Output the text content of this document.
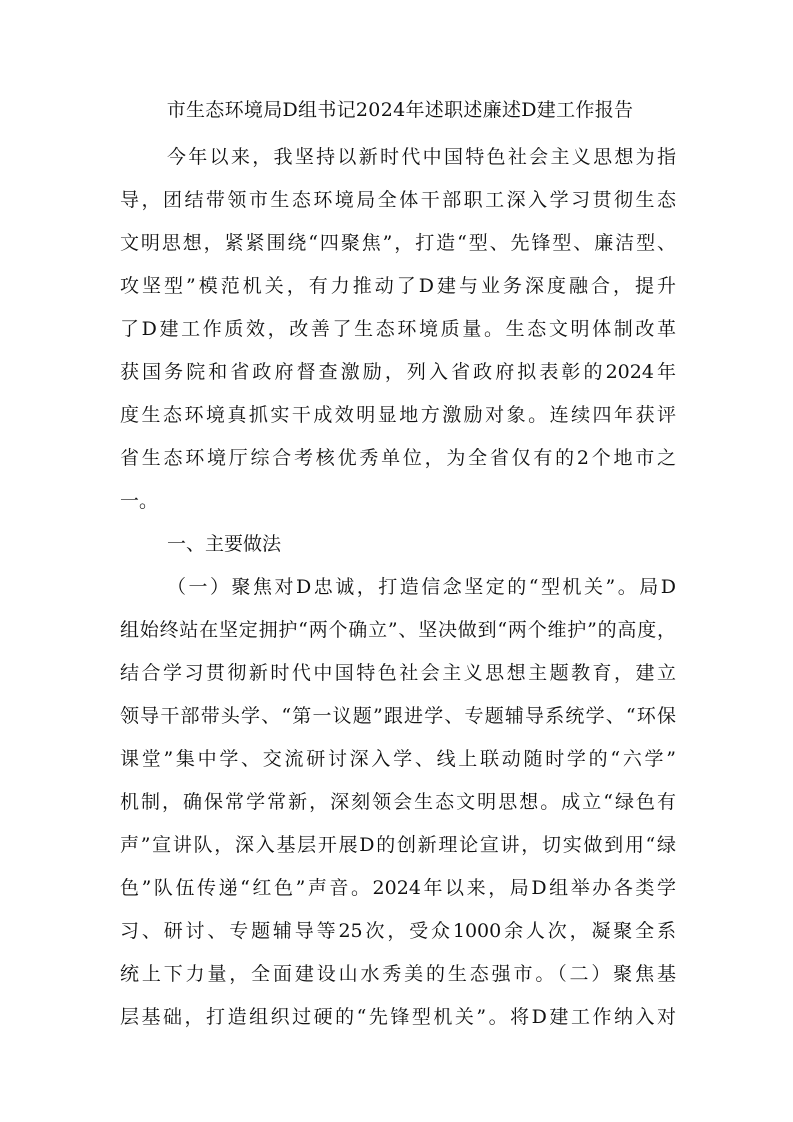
市生态环境局D组书记2024年述职述廉述D建工作报告
今年以来，我坚持以新时代中国特色社会主义思想为指
导，团结带领市生态环境局全体干部职工深入学习贯彻生态
文明思想，紧紧围绕“四聚焦”，打造“型、先锋型、廉洁型、
攻坚型”模范机关，有力推动了D建与业务深度融合，提升
了D建工作质效，改善了生态环境质量。生态文明体制改革
获国务院和省政府督查激励，列入省政府拟表彰的2024年
度生态环境真抓实干成效明显地方激励对象。连续四年获评
省生态环境厅综合考核优秀单位，为全省仅有的2个地市之
一。
一、主要做法
（一）聚焦对D忠诚，打造信念坚定的“型机关”。局D
组始终站在坚定拥护“两个确立”、坚决做到“两个维护”的高度，
结合学习贯彻新时代中国特色社会主义思想主题教育，建立
领导干部带头学、“第一议题”跟进学、专题辅导系统学、“环保
课堂”集中学、交流研讨深入学、线上联动随时学的“六学”
机制，确保常学常新，深刻领会生态文明思想。成立“绿色有
声”宣讲队，深入基层开展D的创新理论宣讲，切实做到用“绿
色”队伍传递“红色”声音。2024年以来，局D组举办各类学
习、研讨、专题辅导等25次，受众1000余人次，凝聚全系
统上下力量，全面建设山水秀美的生态强市。（二）聚焦基
层基础，打造组织过硬的“先锋型机关”。将D建工作纳入对
